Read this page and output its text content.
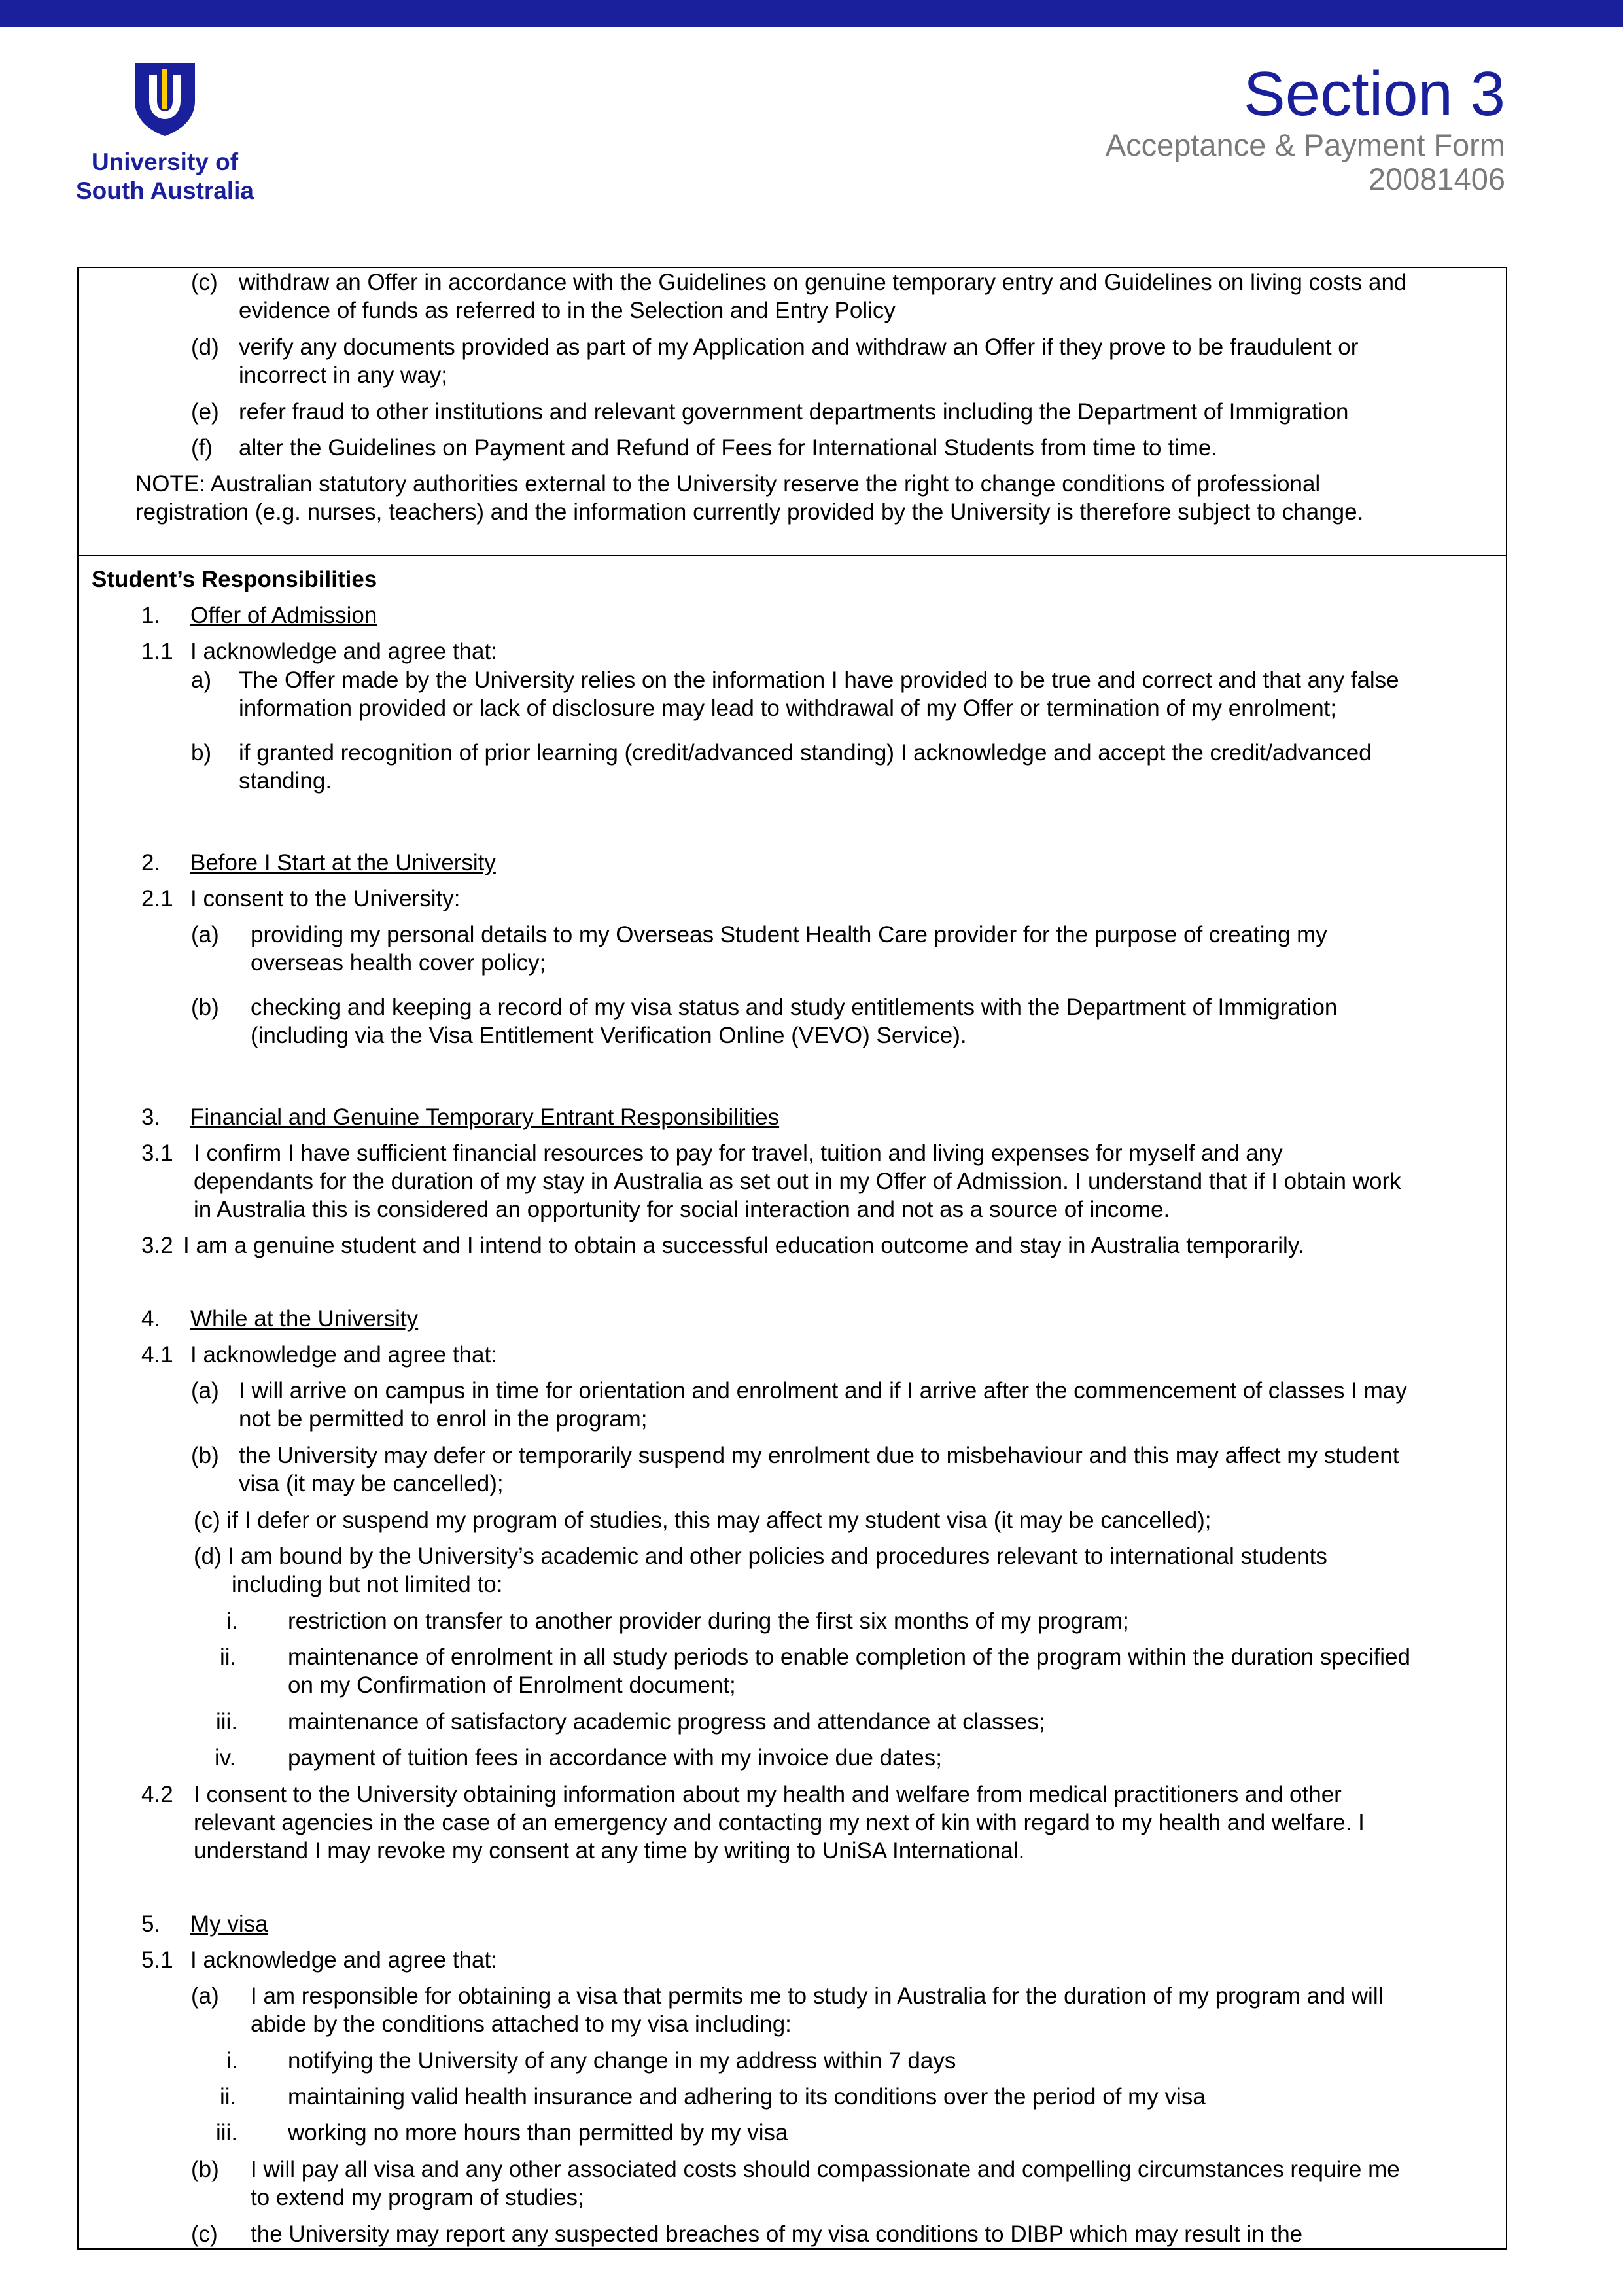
University of
South Australia
Section 3
Acceptance & Payment Form
20081406
(c) withdraw an Offer in accordance with the Guidelines on genuine temporary entry and Guidelines on living costs and
evidence of funds as referred to in the Selection and Entry Policy
(d) verify any documents provided as part of my Application and withdraw an Offer if they prove to be fraudulent or
incorrect in any way;
(e) refer fraud to other institutions and relevant government departments including the Department of Immigration
(f) alter the Guidelines on Payment and Refund of Fees for International Students from time to time.
NOTE: Australian statutory authorities external to the University reserve the right to change conditions of professional
registration (e.g. nurses, teachers) and the information currently provided by the University is therefore subject to change.
Student’s Responsibilities
1. Offer of Admission
1.1 I acknowledge and agree that:
a) The Offer made by the University relies on the information I have provided to be true and correct and that any false
information provided or lack of disclosure may lead to withdrawal of my Offer or termination of my enrolment;
b) if granted recognition of prior learning (credit/advanced standing) I acknowledge and accept the credit/advanced
standing.
2. Before I Start at the University
2.1 I consent to the University:
(a) providing my personal details to my Overseas Student Health Care provider for the purpose of creating my
overseas health cover policy;
(b) checking and keeping a record of my visa status and study entitlements with the Department of Immigration
(including via the Visa Entitlement Verification Online (VEVO) Service).
3. Financial and Genuine Temporary Entrant Responsibilities
3.1 I confirm I have sufficient financial resources to pay for travel, tuition and living expenses for myself and any
dependants for the duration of my stay in Australia as set out in my Offer of Admission. I understand that if I obtain work
in Australia this is considered an opportunity for social interaction and not as a source of income.
3.2 I am a genuine student and I intend to obtain a successful education outcome and stay in Australia temporarily.
4. While at the University
4.1 I acknowledge and agree that:
(a) I will arrive on campus in time for orientation and enrolment and if I arrive after the commencement of classes I may
not be permitted to enrol in the program;
(b) the University may defer or temporarily suspend my enrolment due to misbehaviour and this may affect my student
visa (it may be cancelled);
(c) if I defer or suspend my program of studies, this may affect my student visa (it may be cancelled);
(d) I am bound by the University’s academic and other policies and procedures relevant to international students
including but not limited to:
i. restriction on transfer to another provider during the first six months of my program;
ii. maintenance of enrolment in all study periods to enable completion of the program within the duration specified
on my Confirmation of Enrolment document;
iii. maintenance of satisfactory academic progress and attendance at classes;
iv. payment of tuition fees in accordance with my invoice due dates;
4.2 I consent to the University obtaining information about my health and welfare from medical practitioners and other
relevant agencies in the case of an emergency and contacting my next of kin with regard to my health and welfare. I
understand I may revoke my consent at any time by writing to UniSA International.
5. My visa
5.1 I acknowledge and agree that:
(a) I am responsible for obtaining a visa that permits me to study in Australia for the duration of my program and will
abide by the conditions attached to my visa including:
i. notifying the University of any change in my address within 7 days
ii. maintaining valid health insurance and adhering to its conditions over the period of my visa
iii. working no more hours than permitted by my visa
(b) I will pay all visa and any other associated costs should compassionate and compelling circumstances require me
to extend my program of studies;
(c) the University may report any suspected breaches of my visa conditions to DIBP which may result in the
